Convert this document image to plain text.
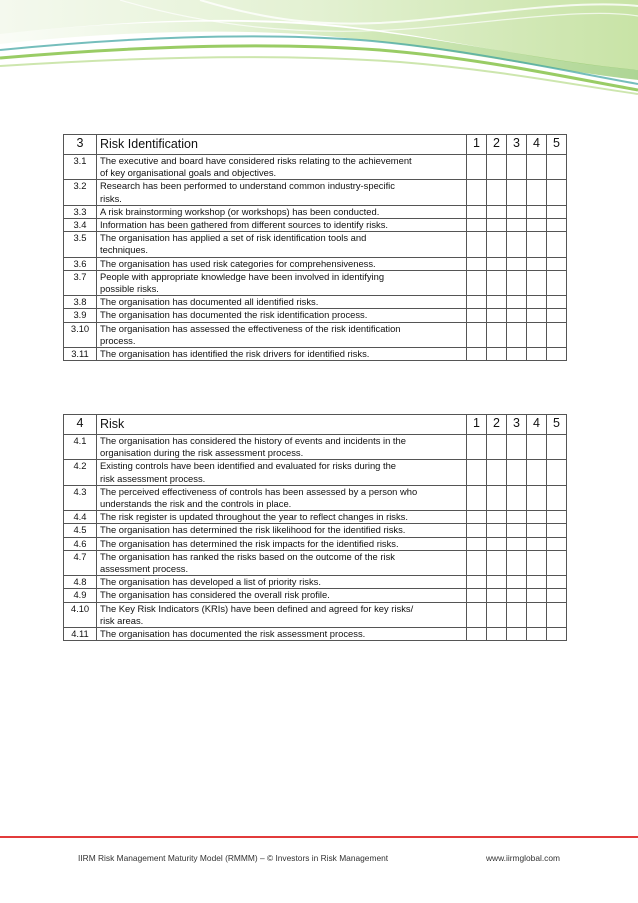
3	Risk Identification	1	2	3	4	5
3.1	The executive and board have considered risks relating to the achievement
of key organisational goals and objectives.					
3.2	Research has been performed to understand common industry-specific
risks.					
3.3	A risk brainstorming workshop (or workshops) has been conducted.					
3.4	Information has been gathered from different sources to identify risks.					
3.5	The organisation has applied a set of risk identification tools and
techniques.					
3.6	The organisation has used risk categories for comprehensiveness.					
3.7	People with appropriate knowledge have been involved in identifying
possible risks.					
3.8	The organisation has documented all identified risks.					
3.9	The organisation has documented the risk identification process.					
3.10	The organisation has assessed the effectiveness of the risk identification
process.					
3.11	The organisation has identified the risk drivers for identified risks.					
4	Risk	1	2	3	4	5
4.1	The organisation has considered the history of events and incidents in the
organisation during the risk assessment process.					
4.2	Existing controls have been identified and evaluated for risks during the
risk assessment process.					
4.3	The perceived effectiveness of controls has been assessed by a person who
understands the risk and the controls in place.					
4.4	The risk register is updated throughout the year to reflect changes in risks.					
4.5	The organisation has determined the risk likelihood for the identified risks.					
4.6	The organisation has determined the risk impacts for the identified risks.					
4.7	The organisation has ranked the risks based on the outcome of the risk
assessment process.					
4.8	The organisation has developed a list of priority risks.					
4.9	The organisation has considered the overall risk profile.					
4.10	The Key Risk Indicators (KRIs) have been defined and agreed for key risks/
risk areas.					
4.11	The organisation has documented the risk assessment process.					
IIRM Risk Management Maturity Model (RMMM) – © Investors in Risk Management	www.iirmglobal.com
